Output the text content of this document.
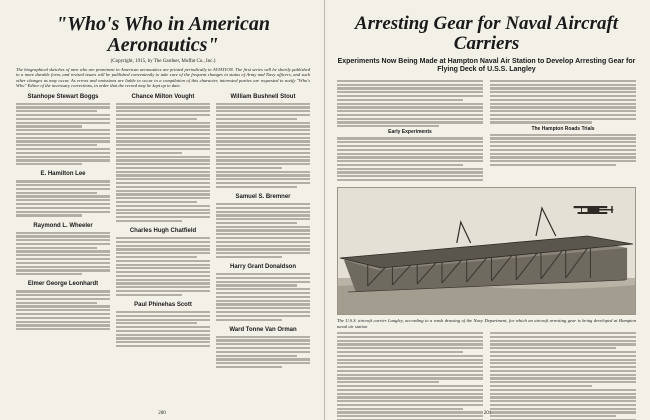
"Who's Who in American Aeronautics"
(Copyright, 1915, by The Gardner, Moffat Co., Inc.)

The biographical sketches of men who are prominent in American aeronautics are printed periodically in AVIATION. The first series will be shortly published in a more durable form, and revised issues will be published conveniently to take care of the frequent changes in status of Army and Navy officers, and such other changes as may occur. As errors and omissions are liable to occur in a compilation of this character, interested parties are requested to notify "Who's Who" Editor of the necessary corrections, in order that the record may be kept up to date.

Stanhope Stewart Boggs
E. Hamilton Lee
Raymond L. Wheeler
Elmer George Leonhardt
Chance Milton Vought
Charles Hugh Chatfield
Paul Phinehas Scott
William Bushnell Stout
Samuel S. Bremner
Harry Grant Donaldson
Ward Tonne Van Orman
200
Arresting Gear for Naval Aircraft Carriers
Experiments Now Being Made at Hampton Naval Air Station to Develop Arresting Gear for Flying Deck of U.S.S. Langley
Early Experiments
The Hampton Roads Trials
The U.S.S. aircraft carrier Langley, according to a wash drawing of the Navy Department, for which an aircraft arresting gear is being developed at Hampton naval air station
201
